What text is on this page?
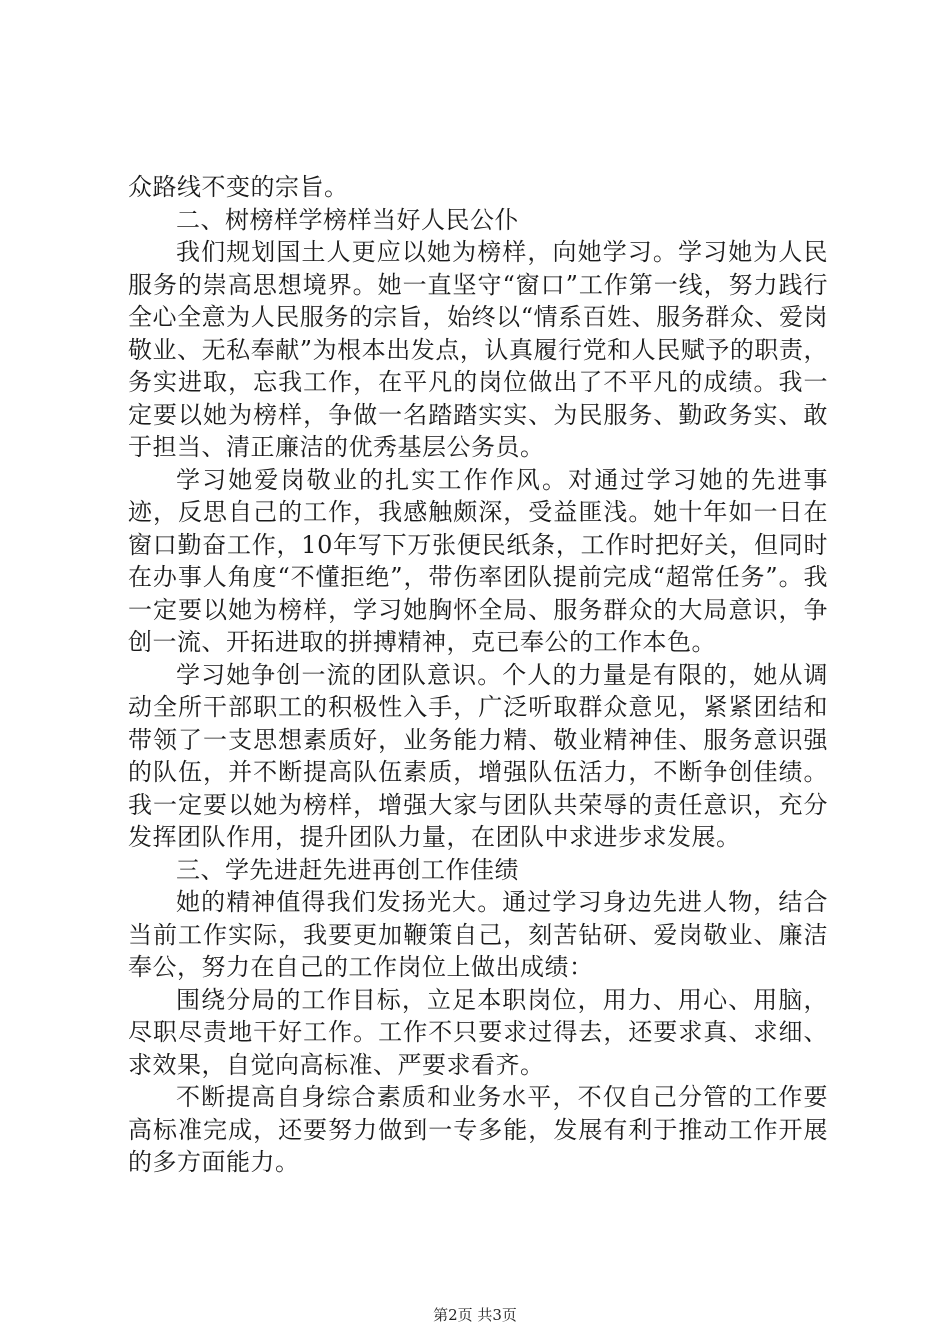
众路线不变的宗旨。

二、树榜样学榜样当好人民公仆

我们规划国土人更应以她为榜样，向她学习。学习她为人民服务的崇高思想境界。她一直坚守“窗口”工作第一线，努力践行全心全意为人民服务的宗旨，始终以“情系百姓、服务群众、爱岗敬业、无私奉献”为根本出发点，认真履行党和人民赋予的职责，务实进取，忘我工作，在平凡的岗位做出了不平凡的成绩。我一定要以她为榜样，争做一名踏踏实实、为民服务、勤政务实、敢于担当、清正廉洁的优秀基层公务员。

学习她爱岗敬业的扎实工作作风。对通过学习她的先进事迹，反思自己的工作，我感触颇深，受益匪浅。她十年如一日在窗口勤奋工作，10年写下万张便民纸条，工作时把好关，但同时在办事人角度“不懂拒绝”，带伤率团队提前完成“超常任务”。我一定要以她为榜样，学习她胸怀全局、服务群众的大局意识，争创一流、开拓进取的拼搏精神，克已奉公的工作本色。

学习她争创一流的团队意识。个人的力量是有限的，她从调动全所干部职工的积极性入手，广泛听取群众意见，紧紧团结和带领了一支思想素质好，业务能力精、敬业精神佳、服务意识强的队伍，并不断提高队伍素质，增强队伍活力，不断争创佳绩。我一定要以她为榜样，增强大家与团队共荣辱的责任意识，充分发挥团队作用，提升团队力量，在团队中求进步求发展。

三、学先进赶先进再创工作佳绩

她的精神值得我们发扬光大。通过学习身边先进人物，结合当前工作实际，我要更加鞭策自己，刻苦钻研、爱岗敬业、廉洁奉公，努力在自己的工作岗位上做出成绩：

围绕分局的工作目标，立足本职岗位，用力、用心、用脑，尽职尽责地干好工作。工作不只要求过得去，还要求真、求细、求效果，自觉向高标准、严要求看齐。

不断提高自身综合素质和业务水平，不仅自己分管的工作要高标准完成，还要努力做到一专多能，发展有利于推动工作开展的多方面能力。

第2页 共3页
